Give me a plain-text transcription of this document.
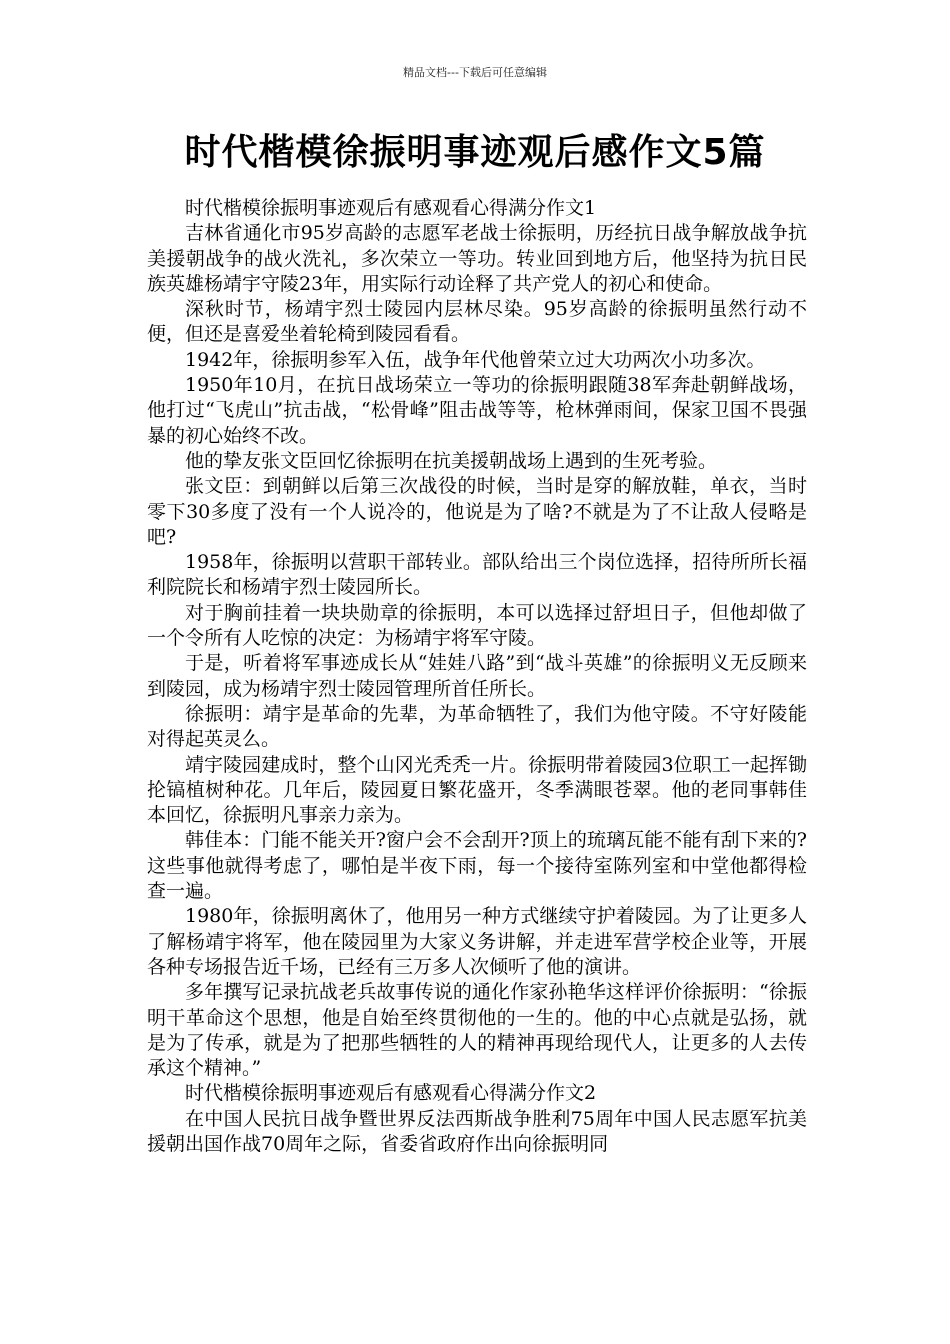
精品文档---下载后可任意编辑
时代楷模徐振明事迹观后感作文5篇

时代楷模徐振明事迹观后有感观看心得满分作文1

吉林省通化市95岁高龄的志愿军老战士徐振明，历经抗日战争解放战争抗美援朝战争的战火洗礼，多次荣立一等功。转业回到地方后，他坚持为抗日民族英雄杨靖宇守陵23年，用实际行动诠释了共产党人的初心和使命。

深秋时节，杨靖宇烈士陵园内层林尽染。95岁高龄的徐振明虽然行动不便，但还是喜爱坐着轮椅到陵园看看。

1942年，徐振明参军入伍，战争年代他曾荣立过大功两次小功多次。

1950年10月，在抗日战场荣立一等功的徐振明跟随38军奔赴朝鲜战场，他打过“飞虎山”抗击战，“松骨峰”阻击战等等，枪林弹雨间，保家卫国不畏强暴的初心始终不改。

他的挚友张文臣回忆徐振明在抗美援朝战场上遇到的生死考验。

张文臣：到朝鲜以后第三次战役的时候，当时是穿的解放鞋，单衣，当时零下30多度了没有一个人说冷的，他说是为了啥?不就是为了不让敌人侵略是吧?

1958年，徐振明以营职干部转业。部队给出三个岗位选择，招待所所长福利院院长和杨靖宇烈士陵园所长。

对于胸前挂着一块块勋章的徐振明，本可以选择过舒坦日子，但他却做了一个令所有人吃惊的决定：为杨靖宇将军守陵。

于是，听着将军事迹成长从“娃娃八路”到“战斗英雄”的徐振明义无反顾来到陵园，成为杨靖宇烈士陵园管理所首任所长。

徐振明：靖宇是革命的先辈，为革命牺牲了，我们为他守陵。不守好陵能对得起英灵么。

靖宇陵园建成时，整个山冈光秃秃一片。徐振明带着陵园3位职工一起挥锄抡镐植树种花。几年后，陵园夏日繁花盛开，冬季满眼苍翠。他的老同事韩佳本回忆，徐振明凡事亲力亲为。

韩佳本：门能不能关开?窗户会不会刮开?顶上的琉璃瓦能不能有刮下来的?这些事他就得考虑了，哪怕是半夜下雨，每一个接待室陈列室和中堂他都得检查一遍。

1980年，徐振明离休了，他用另一种方式继续守护着陵园。为了让更多人了解杨靖宇将军，他在陵园里为大家义务讲解，并走进军营学校企业等，开展各种专场报告近千场，已经有三万多人次倾听了他的演讲。

多年撰写记录抗战老兵故事传说的通化作家孙艳华这样评价徐振明：“徐振明干革命这个思想，他是自始至终贯彻他的一生的。他的中心点就是弘扬，就是为了传承，就是为了把那些牺牲的人的精神再现给现代人，让更多的人去传承这个精神。”

时代楷模徐振明事迹观后有感观看心得满分作文2

在中国人民抗日战争暨世界反法西斯战争胜利75周年中国人民志愿军抗美援朝出国作战70周年之际，省委省政府作出向徐振明同
